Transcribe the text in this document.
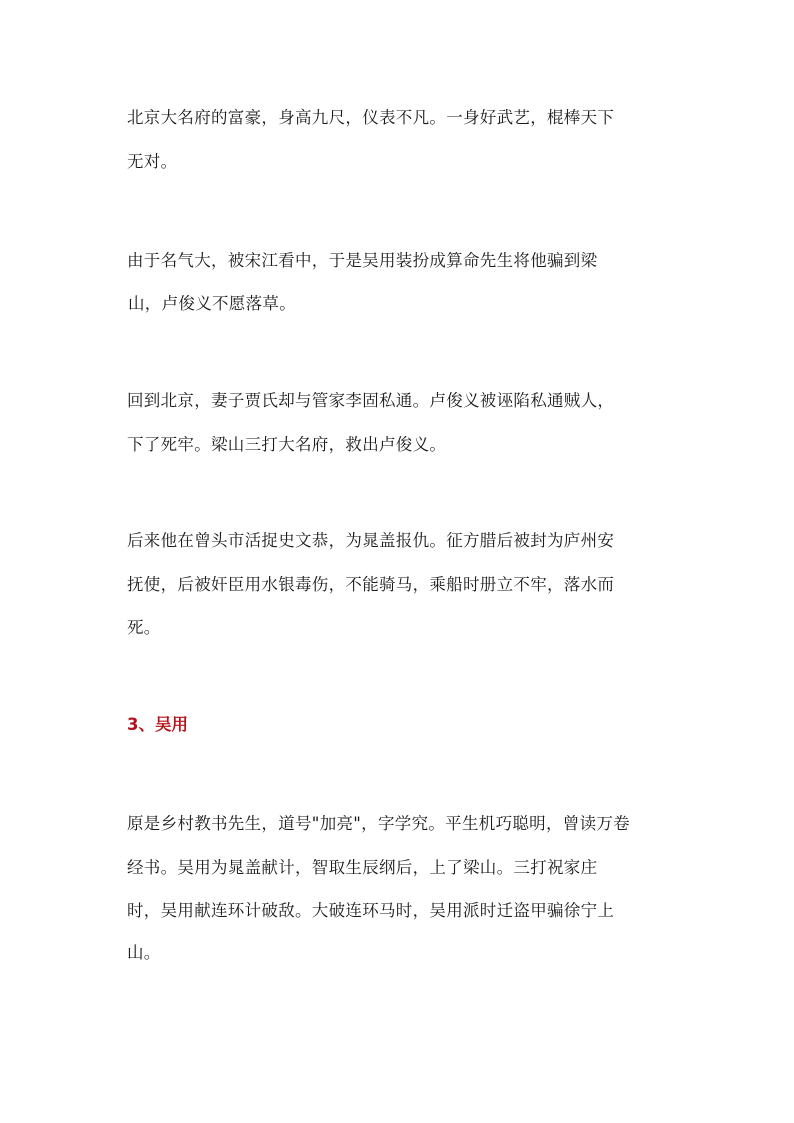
北京大名府的富豪，身高九尺，仪表不凡。一身好武艺，棍棒天下
无对。
由于名气大，被宋江看中，于是吴用装扮成算命先生将他骗到梁
山，卢俊义不愿落草。
回到北京，妻子贾氏却与管家李固私通。卢俊义被诬陷私通贼人，
下了死牢。梁山三打大名府，救出卢俊义。
后来他在曾头市活捉史文恭，为晁盖报仇。征方腊后被封为庐州安
抚使，后被奸臣用水银毒伤，不能骑马，乘船时册立不牢，落水而
死。
3、吴用
原是乡村教书先生，道号"加亮"，字学究。平生机巧聪明，曾读万卷
经书。吴用为晁盖献计，智取生辰纲后，上了梁山。三打祝家庄
时，吴用献连环计破敌。大破连环马时，吴用派时迁盗甲骗徐宁上
山。
